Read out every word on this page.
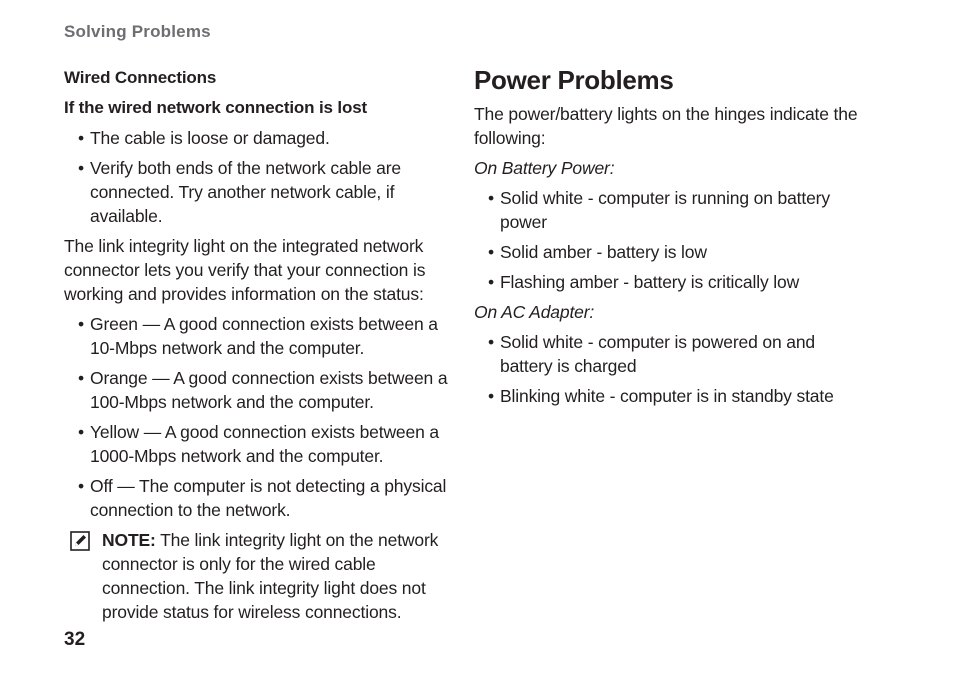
Solving Problems
Wired Connections
If the wired network connection is lost
• The cable is loose or damaged.
• Verify both ends of the network cable are connected. Try another network cable, if available.
The link integrity light on the integrated network connector lets you verify that your connection is working and provides information on the status:
• Green — A good connection exists between a 10-Mbps network and the computer.
• Orange — A good connection exists between a 100-Mbps network and the computer.
• Yellow — A good connection exists between a 1000-Mbps network and the computer.
• Off — The computer is not detecting a physical connection to the network.
NOTE: The link integrity light on the network connector is only for the wired cable connection. The link integrity light does not provide status for wireless connections.
Power Problems
The power/battery lights on the hinges indicate the following:
On Battery Power:
• Solid white - computer is running on battery power
• Solid amber - battery is low
• Flashing amber - battery is critically low
On AC Adapter:
• Solid white - computer is powered on and battery is charged
• Blinking white - computer is in standby state
32
